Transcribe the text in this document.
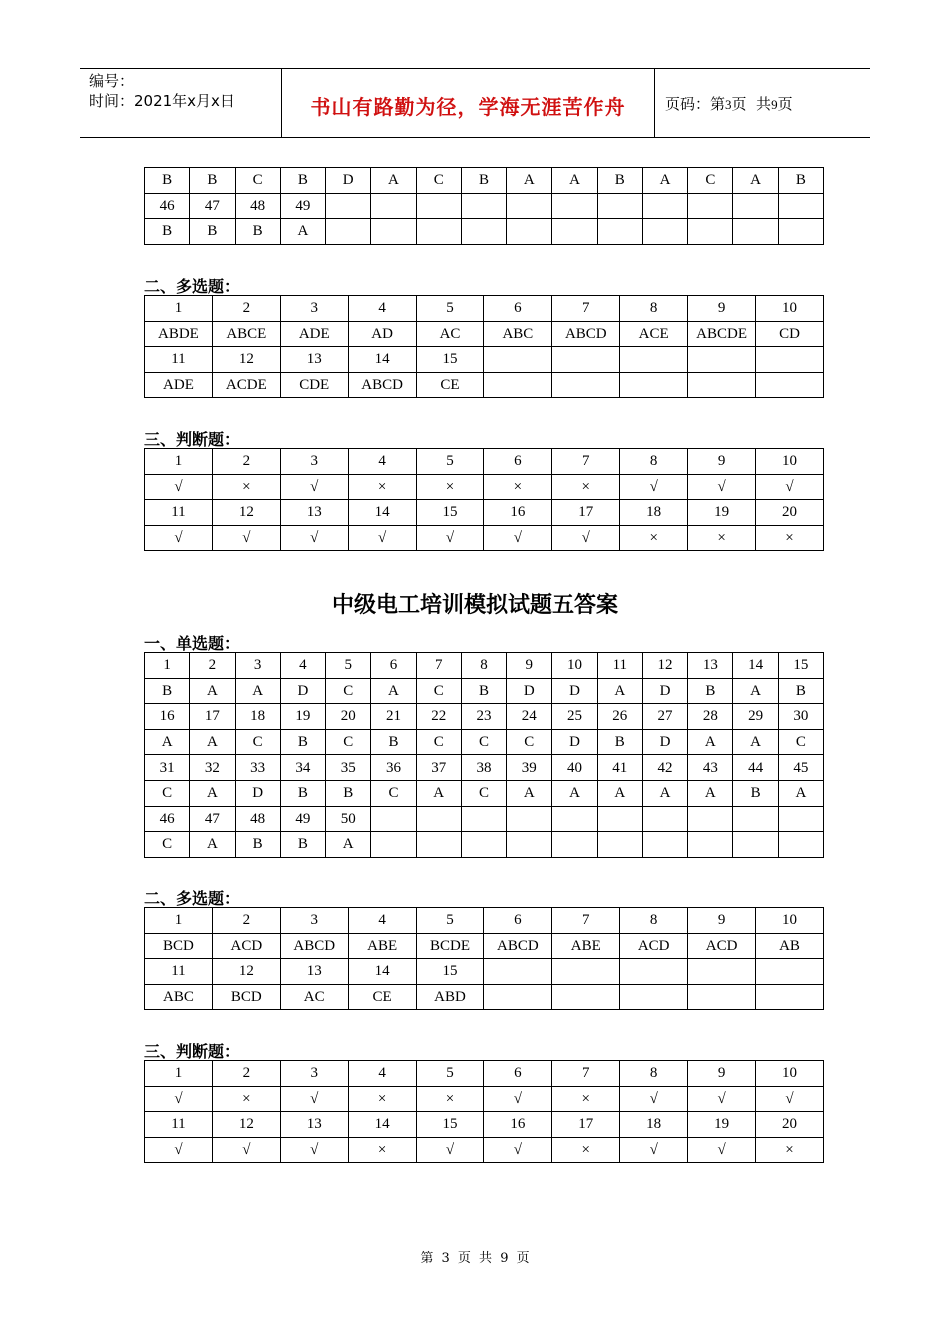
编号：
时间：2021年x月x日	书山有路勤为径，学海无涯苦作舟	页码：第3页  共9页
B	B	C	B	D	A	C	B	A	A	B	A	C	A	B
46	47	48	49											
B	B	B	A											
二、多选题：
1	2	3	4	5	6	7	8	9	10
ABDE	ABCE	ADE	AD	AC	ABC	ABCD	ACE	ABCDE	CD
11	12	13	14	15					
ADE	ACDE	CDE	ABCD	CE					
三、判断题：
1	2	3	4	5	6	7	8	9	10
√	×	√	×	×	×	×	√	√	√
11	12	13	14	15	16	17	18	19	20
√	√	√	√	√	√	√	×	×	×
中级电工培训模拟试题五答案
一、单选题：
1	2	3	4	5	6	7	8	9	10	11	12	13	14	15
B	A	A	D	C	A	C	B	D	D	A	D	B	A	B
16	17	18	19	20	21	22	23	24	25	26	27	28	29	30
A	A	C	B	C	B	C	C	C	D	B	D	A	A	C
31	32	33	34	35	36	37	38	39	40	41	42	43	44	45
C	A	D	B	B	C	A	C	A	A	A	A	A	B	A
46	47	48	49	50										
C	A	B	B	A										
二、多选题：
1	2	3	4	5	6	7	8	9	10
BCD	ACD	ABCD	ABE	BCDE	ABCD	ABE	ACD	ACD	AB
11	12	13	14	15					
ABC	BCD	AC	CE	ABD					
三、判断题：
1	2	3	4	5	6	7	8	9	10
√	×	√	×	×	√	×	√	√	√
11	12	13	14	15	16	17	18	19	20
√	√	√	×	√	√	×	√	√	×
第 3 页 共 9 页
